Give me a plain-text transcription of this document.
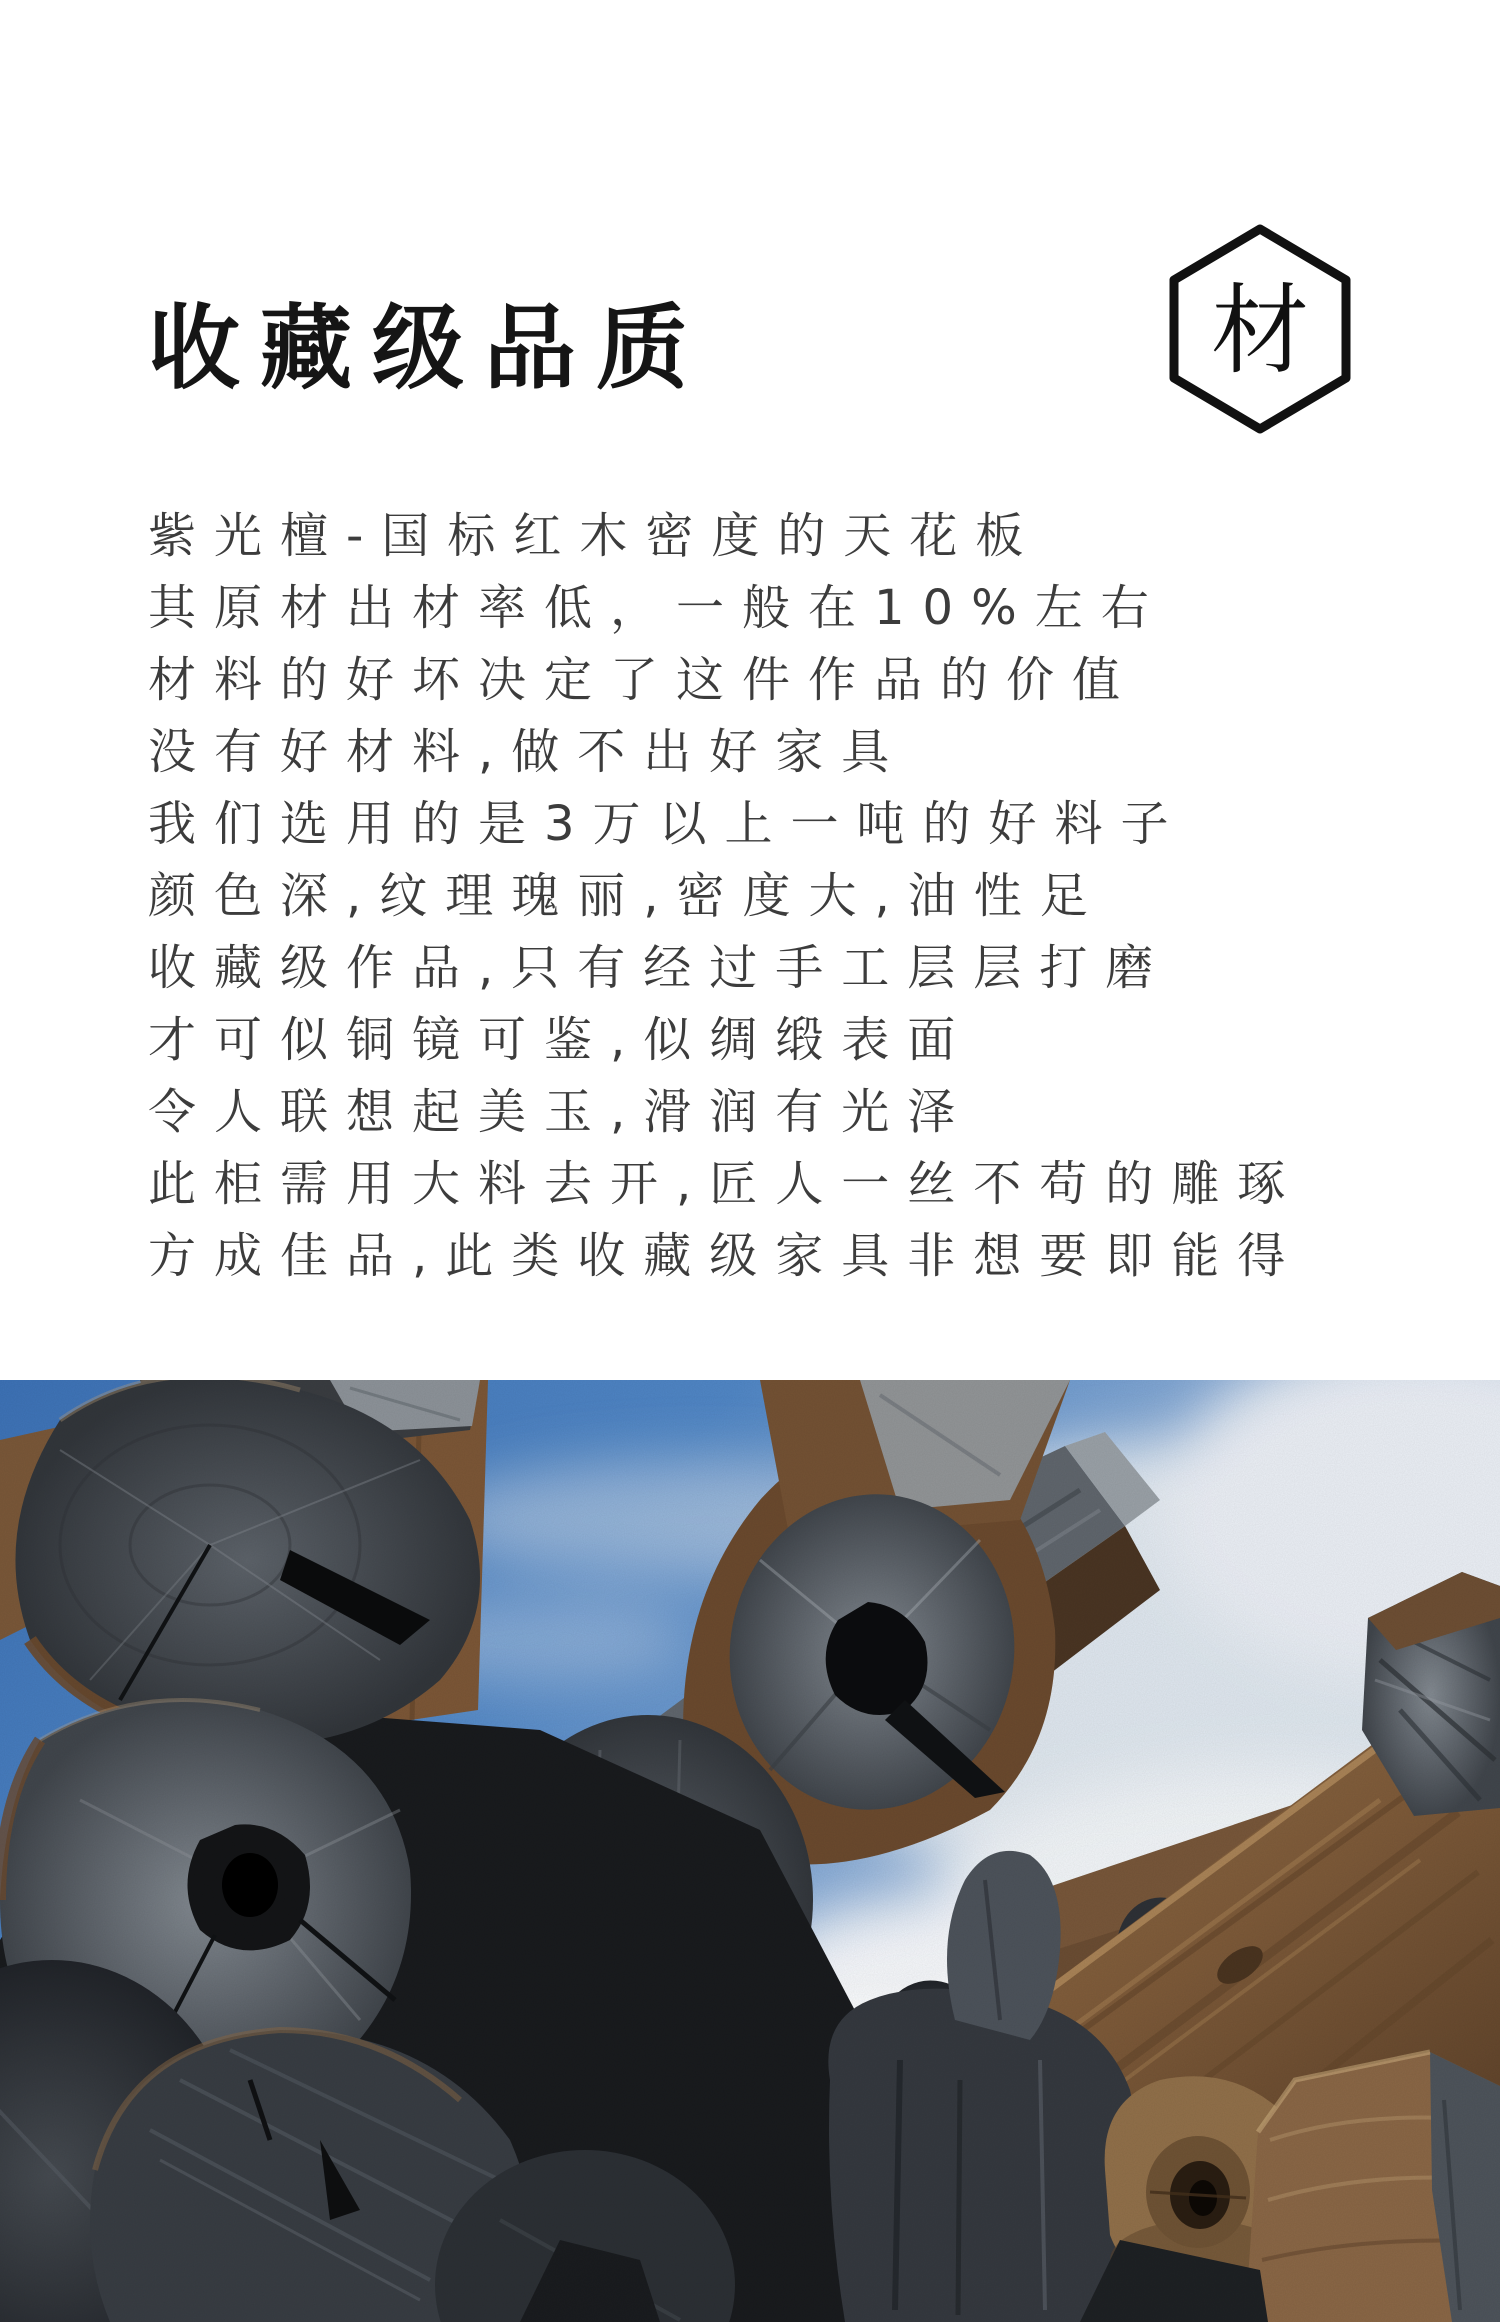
收藏级品质	材
紫光檀-国标红木密度的天花板
其原材出材率低，一般在10%左右
材料的好坏决定了这件作品的价值
没有好材料,做不出好家具
我们选用的是3万以上一吨的好料子
颜色深,纹理瑰丽,密度大,油性足
收藏级作品,只有经过手工层层打磨
才可似铜镜可鉴,似绸缎表面
令人联想起美玉,滑润有光泽
此柜需用大料去开,匠人一丝不苟的雕琢
方成佳品,此类收藏级家具非想要即能得
